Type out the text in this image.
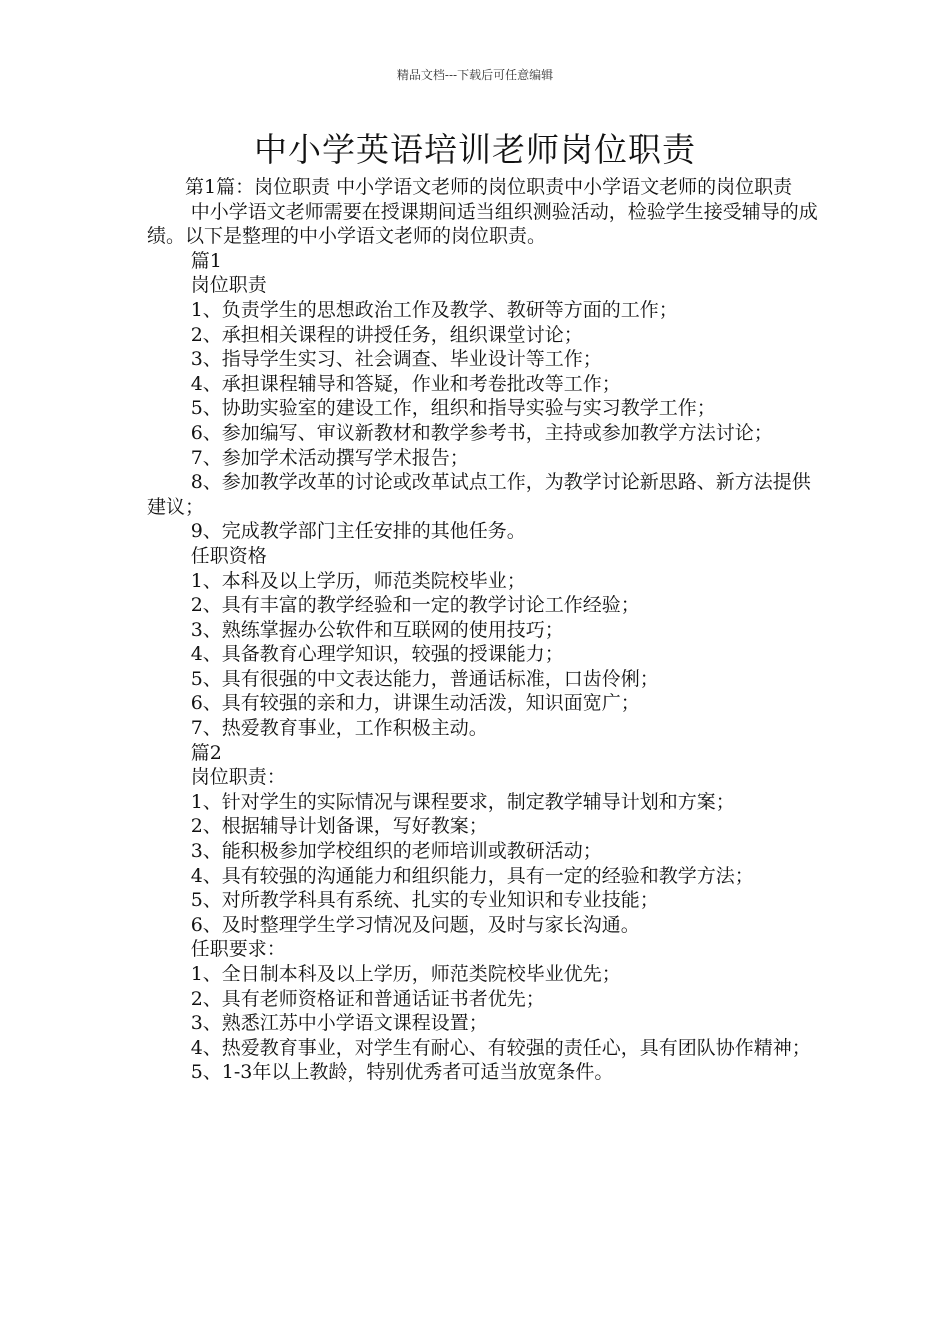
精品文档---下载后可任意编辑
中小学英语培训老师岗位职责

第1篇：岗位职责 中小学语文老师的岗位职责中小学语文老师的岗位职责

中小学语文老师需要在授课期间适当组织测验活动，检验学生接受辅导的成绩。以下是整理的中小学语文老师的岗位职责。

篇1

岗位职责

1、负责学生的思想政治工作及教学、教研等方面的工作；

2、承担相关课程的讲授任务，组织课堂讨论；

3、指导学生实习、社会调查、毕业设计等工作；

4、承担课程辅导和答疑，作业和考卷批改等工作；

5、协助实验室的建设工作，组织和指导实验与实习教学工作；

6、参加编写、审议新教材和教学参考书，主持或参加教学方法讨论；

7、参加学术活动撰写学术报告；

8、参加教学改革的讨论或改革试点工作，为教学讨论新思路、新方法提供建议；

9、完成教学部门主任安排的其他任务。

任职资格

1、本科及以上学历，师范类院校毕业；

2、具有丰富的教学经验和一定的教学讨论工作经验；

3、熟练掌握办公软件和互联网的使用技巧；

4、具备教育心理学知识，较强的授课能力；

5、具有很强的中文表达能力，普通话标准，口齿伶俐；

6、具有较强的亲和力，讲课生动活泼，知识面宽广；

7、热爱教育事业，工作积极主动。

篇2

岗位职责：

1、针对学生的实际情况与课程要求，制定教学辅导计划和方案；

2、根据辅导计划备课，写好教案；

3、能积极参加学校组织的老师培训或教研活动；

4、具有较强的沟通能力和组织能力，具有一定的经验和教学方法；

5、对所教学科具有系统、扎实的专业知识和专业技能；

6、及时整理学生学习情况及问题，及时与家长沟通。

任职要求：

1、全日制本科及以上学历，师范类院校毕业优先；

2、具有老师资格证和普通话证书者优先；

3、熟悉江苏中小学语文课程设置；

4、热爱教育事业，对学生有耐心、有较强的责任心，具有团队协作精神；

5、1-3年以上教龄，特别优秀者可适当放宽条件。
